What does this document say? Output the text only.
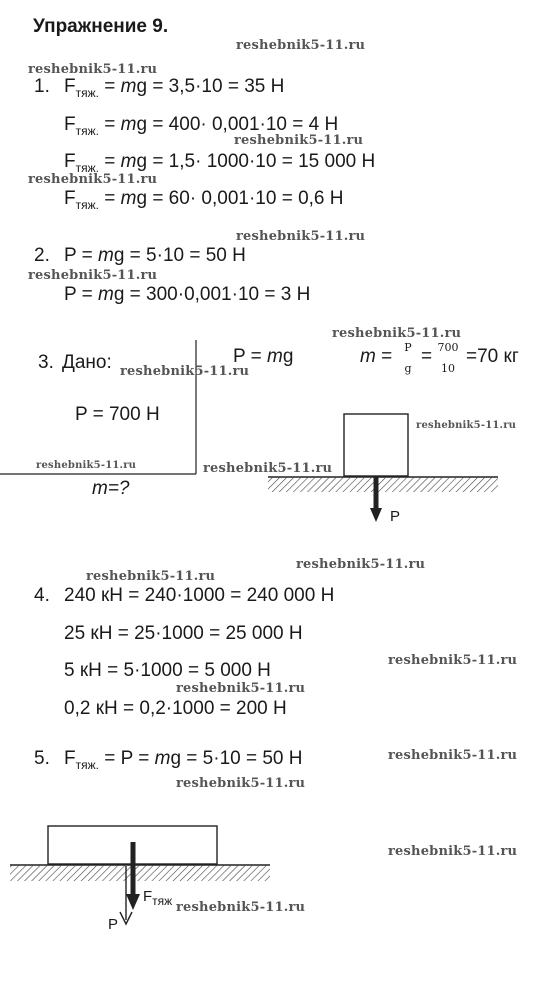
Упражнение 9.
1. $F_{тяж.}$ = mg = 3,5·10 = 35 Н
$F_{тяж.}$ = mg = 400· 0,001·10 = 4 Н
$F_{тяж.}$ = mg = 1,5· 1000·10 = 15 000 Н
$F_{тяж.}$ = mg = 60· 0,001·10 = 0,6 Н
2. P = mg = 5·10 = 50 Н
P = mg = 300·0,001·10 = 3 Н
3. Дано:
P = 700 Н
m=?
P = mg	m =	P
g
= 700
10
=70 кг
P
4. 240 кН = 240·1000 = 240 000 Н
25 кН = 25·1000 = 25 000 Н
5 кН = 5·1000 = 5 000 Н
0,2 кН = 0,2·1000 = 200 Н
5. $F_{тяж.} = P$ = mg = 5·10 = 50 Н
$F_{тяж}$
P
reshebnik5-11.ru
reshebnik5-11.ru
reshebnik5-11.ru
reshebnik5-11.ru
reshebnik5-11.ru
reshebnik5-11.ru
reshebnik5-11.ru
reshebnik5-11.ru
reshebnik5-11.ru
reshebnik5-11.ru	reshebnik5-11.ru
reshebnik5-11.ru
reshebnik5-11.ru
reshebnik5-11.ru
reshebnik5-11.ru
reshebnik5-11.ru
reshebnik5-11.ru
reshebnik5-11.ru
reshebnik5-11.ru
